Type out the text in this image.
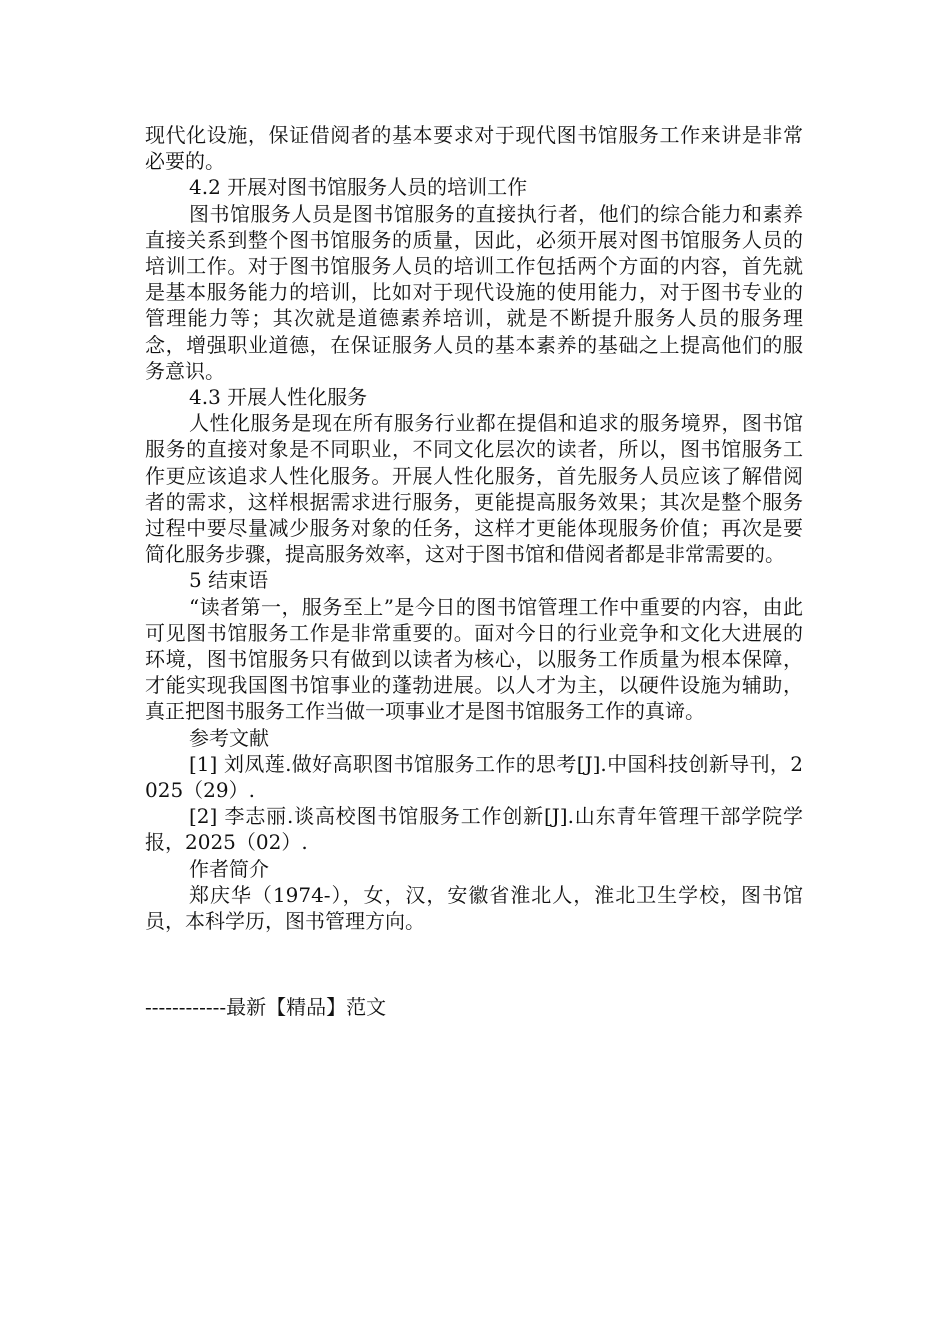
现代化设施，保证借阅者的基本要求对于现代图书馆服务工作来讲是非常必要的。

4.2 开展对图书馆服务人员的培训工作

图书馆服务人员是图书馆服务的直接执行者，他们的综合能力和素养直接关系到整个图书馆服务的质量，因此，必须开展对图书馆服务人员的培训工作。对于图书馆服务人员的培训工作包括两个方面的内容，首先就是基本服务能力的培训，比如对于现代设施的使用能力，对于图书专业的管理能力等；其次就是道德素养培训，就是不断提升服务人员的服务理念，增强职业道德，在保证服务人员的基本素养的基础之上提高他们的服务意识。

4.3 开展人性化服务

人性化服务是现在所有服务行业都在提倡和追求的服务境界，图书馆服务的直接对象是不同职业，不同文化层次的读者，所以，图书馆服务工作更应该追求人性化服务。开展人性化服务，首先服务人员应该了解借阅者的需求，这样根据需求进行服务，更能提高服务效果；其次是整个服务过程中要尽量减少服务对象的任务，这样才更能体现服务价值；再次是要简化服务步骤，提高服务效率，这对于图书馆和借阅者都是非常需要的。

5 结束语

“读者第一，服务至上”是今日的图书馆管理工作中重要的内容，由此可见图书馆服务工作是非常重要的。面对今日的行业竞争和文化大进展的环境，图书馆服务只有做到以读者为核心，以服务工作质量为根本保障，才能实现我国图书馆事业的蓬勃进展。以人才为主，以硬件设施为辅助，真正把图书服务工作当做一项事业才是图书馆服务工作的真谛。

参考文献

[1] 刘凤莲.做好高职图书馆服务工作的思考[J].中国科技创新导刊，2025（29）.

[2] 李志丽.谈高校图书馆服务工作创新[J].山东青年管理干部学院学报，2025（02）.

作者简介

郑庆华（1974-），女，汉，安徽省淮北人，淮北卫生学校，图书馆员，本科学历，图书管理方向。

------------最新【精品】范文
